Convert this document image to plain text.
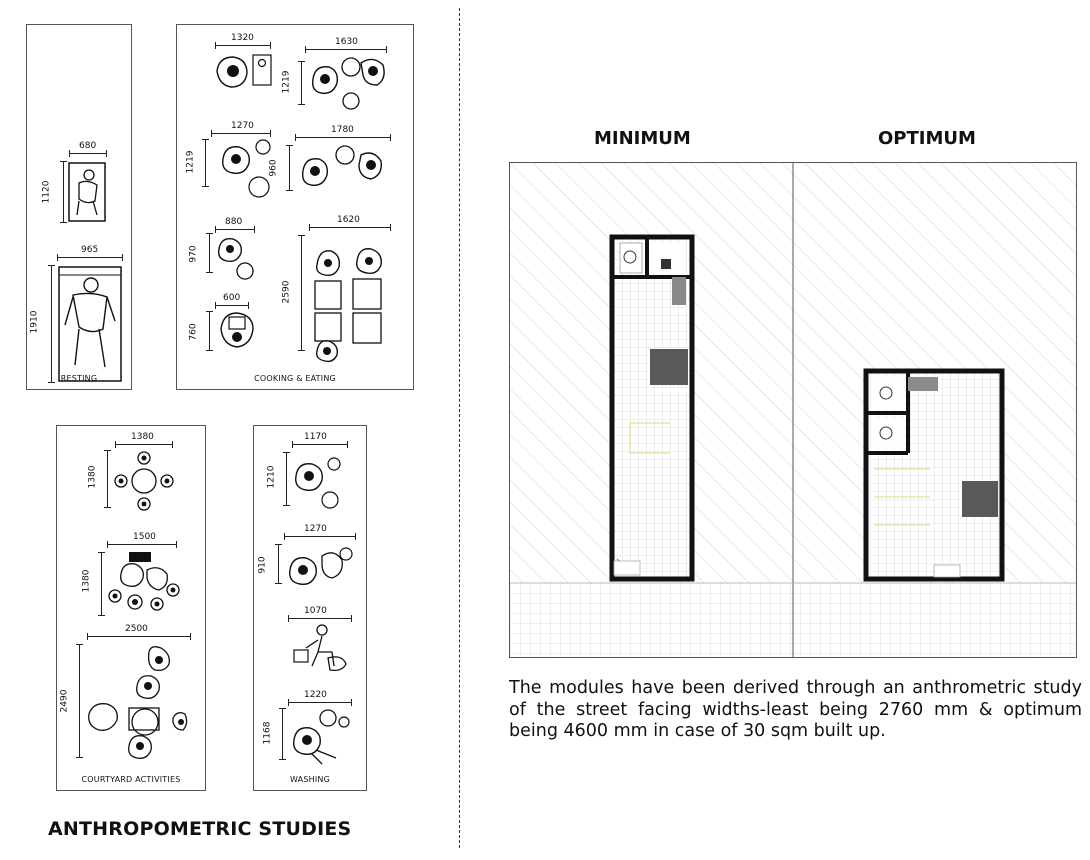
680
1120
965
1910
RESTING
1320	1630
1219
1270
1219
1780
960
880
970
1620
2590
600
760
COOKING & EATING
1380
1380
1500
1380
2500
2490
COURTYARD ACTIVITIES
1170
1210
1270
910
1070
1220
1168
WASHING
ANTHROPOMETRIC STUDIES
MINIMUM	OPTIMUM
The modules have been derived through an anthrometric study of the street facing widths-least being 2760 mm & optimum being 4600 mm in case of 30 sqm built up.
